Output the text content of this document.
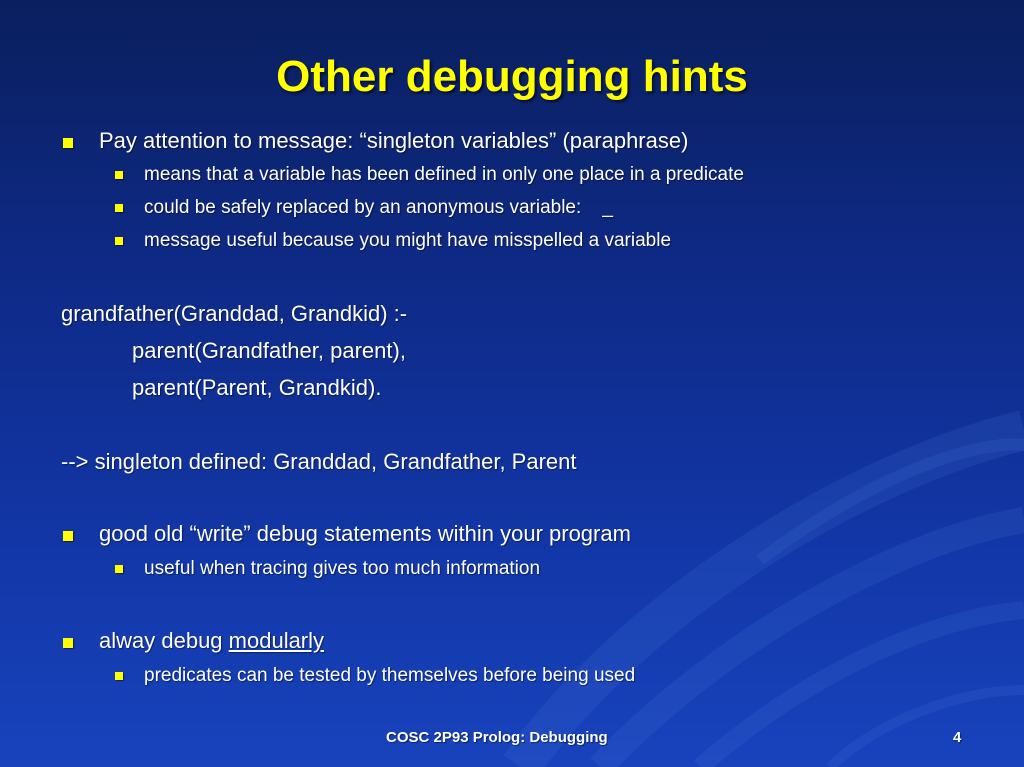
Other debugging hints
Pay attention to message: “singleton variables” (paraphrase)
means that a variable has been defined in only one place in a predicate
could be safely replaced by an anonymous variable:    _
message useful because you might have misspelled a variable
grandfather(Granddad, Grandkid) :-
parent(Grandfather, parent),
parent(Parent, Grandkid).
--> singleton defined: Granddad, Grandfather, Parent
good old “write” debug statements within your program
useful when tracing gives too much information
alway debug modularly
predicates can be tested by themselves before being used
COSC 2P93 Prolog: Debugging	4
